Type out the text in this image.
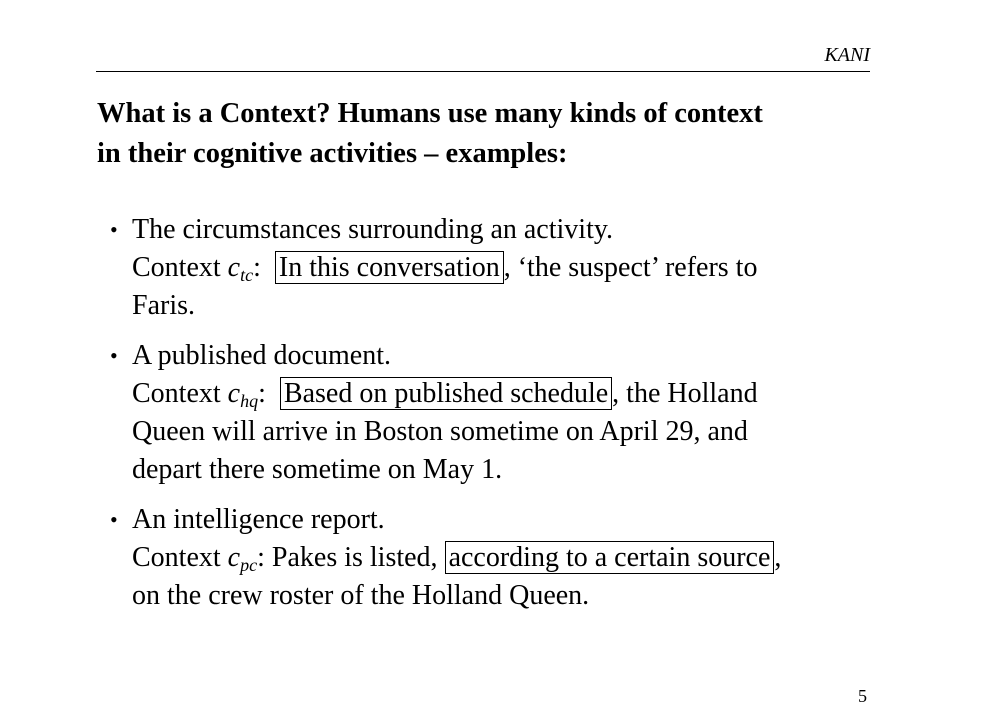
KANI
What is a Context? Humans use many kinds of context
in their cognitive activities – examples:
• The circumstances surrounding an activity.
Context $c_{tc}$: In this conversation , ‘the suspect’ refers to
Faris.
• A published document.
Context $c_{hq}$: Based on published schedule , the Holland
Queen will arrive in Boston sometime on April 29, and
depart there sometime on May 1.
• An intelligence report.
Context $c_{pc}$: Pakes is listed, according to a certain source ,
on the crew roster of the Holland Queen.
5
